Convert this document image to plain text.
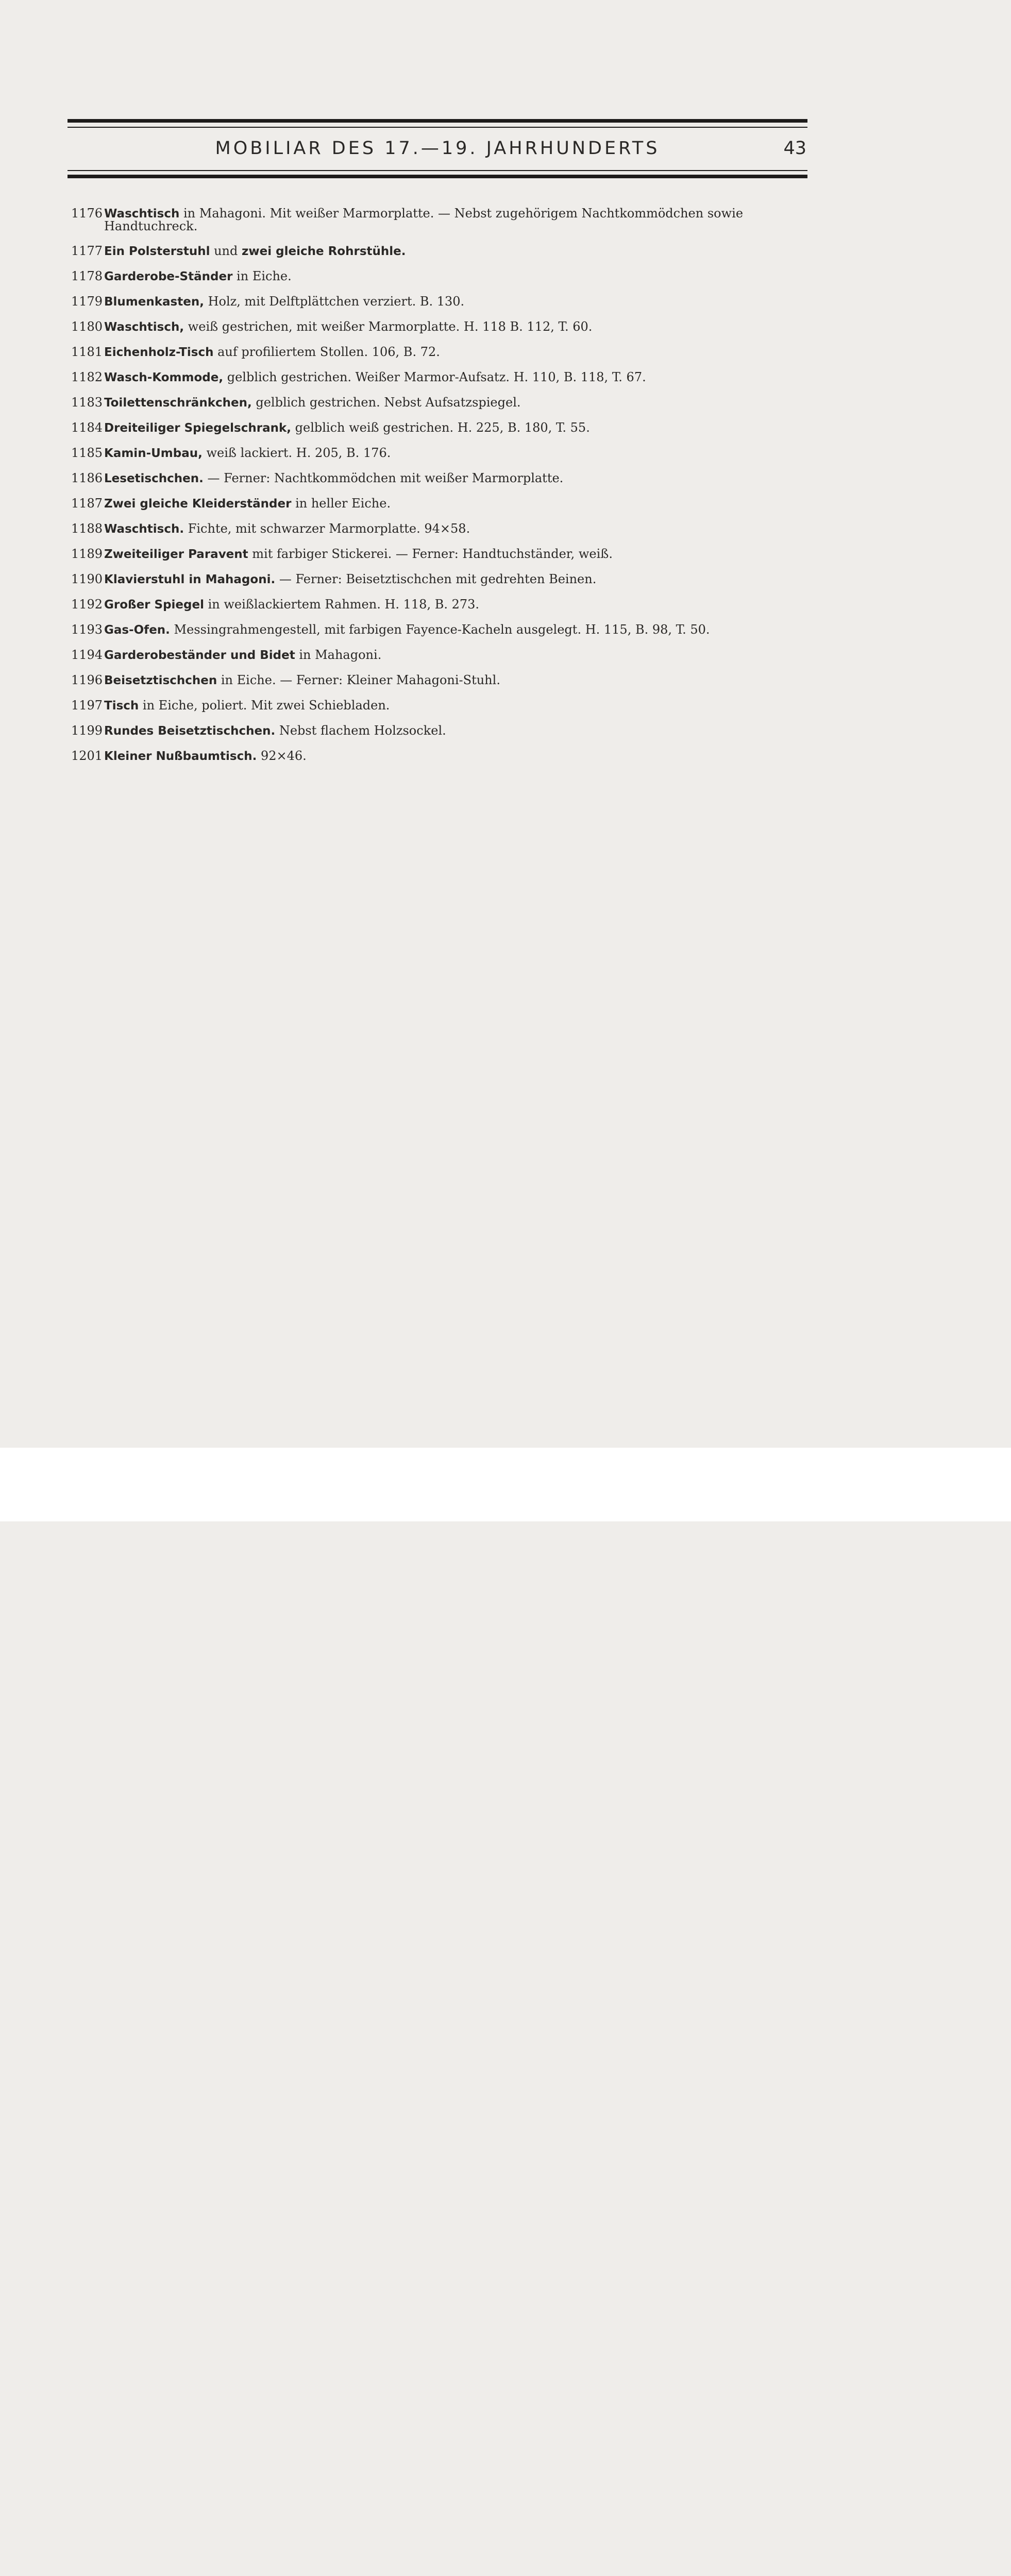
MOBILIAR DES 17.—19. JAHRHUNDERTS	43
1176 Waschtisch in Mahagoni. Mit weißer Marmorplatte. — Nebst zugehörigem Nachtkommödchen sowie Handtuchreck.
1177 Ein Polsterstuhl und zwei gleiche Rohrstühle.
1178 Garderobe-Ständer in Eiche.
1179 Blumenkasten, Holz, mit Delftplättchen verziert. B. 130.
1180 Waschtisch, weiß gestrichen, mit weißer Marmorplatte. H. 118 B. 112, T. 60.
1181 Eichenholz-Tisch auf profiliertem Stollen. 106, B. 72.
1182 Wasch-Kommode, gelblich gestrichen. Weißer Marmor-Aufsatz. H. 110, B. 118, T. 67.
1183 Toilettenschränkchen, gelblich gestrichen. Nebst Aufsatzspiegel.
1184 Dreiteiliger Spiegelschrank, gelblich weiß gestrichen. H. 225, B. 180, T. 55.
1185 Kamin-Umbau, weiß lackiert. H. 205, B. 176.
1186 Lesetischchen. — Ferner: Nachtkommödchen mit weißer Marmorplatte.
1187 Zwei gleiche Kleiderständer in heller Eiche.
1188 Waschtisch. Fichte, mit schwarzer Marmorplatte. 94×58.
1189 Zweiteiliger Paravent mit farbiger Stickerei. — Ferner: Handtuchständer, weiß.
1190 Klavierstuhl in Mahagoni. — Ferner: Beisetztischchen mit gedrehten Beinen.
1192 Großer Spiegel in weißlackiertem Rahmen. H. 118, B. 273.
1193 Gas-Ofen. Messingrahmengestell, mit farbigen Fayence-Kacheln ausgelegt. H. 115, B. 98, T. 50.
1194 Garderobeständer und Bidet in Mahagoni.
1196 Beisetztischchen in Eiche. — Ferner: Kleiner Mahagoni-Stuhl.
1197 Tisch in Eiche, poliert. Mit zwei Schiebladen.
1199 Rundes Beisetztischchen. Nebst flachem Holzsockel.
1201 Kleiner Nußbaumtisch. 92×46.
